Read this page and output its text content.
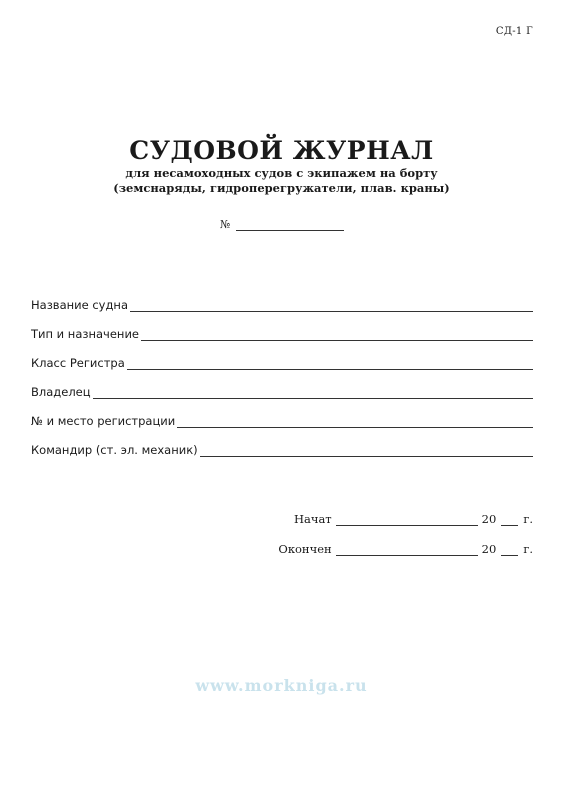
СД-1 Г
СУДОВОЙ ЖУРНАЛ
для несамоходных судов с экипажем на борту
(земснаряды, гидроперегружатели, плав. краны)
№
Название судна
Тип и назначение
Класс Регистра
Владелец
№ и место регистрации
Командир (ст. эл. механик)
Начат	20 г.
Окончен	20 г.
www.morkniga.ru
